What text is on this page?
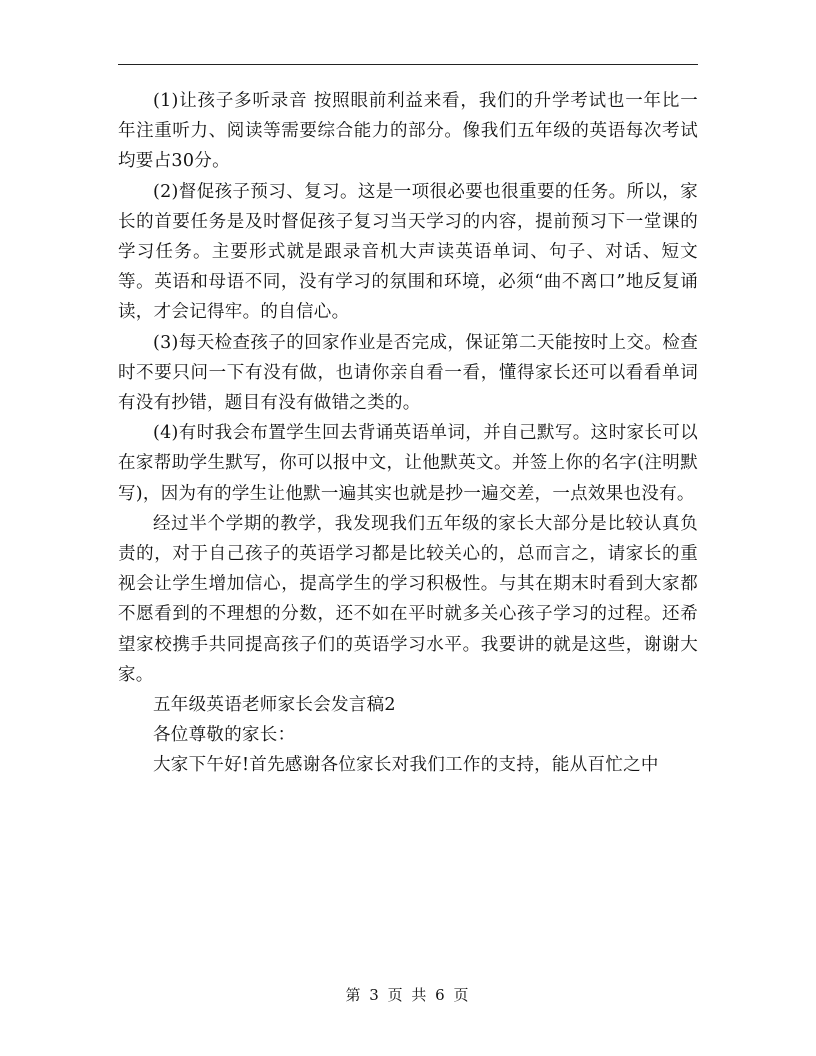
(1)让孩子多听录音 按照眼前利益来看，我们的升学考试也一年比一年注重听力、阅读等需要综合能力的部分。像我们五年级的英语每次考试均要占30分。

(2)督促孩子预习、复习。这是一项很必要也很重要的任务。所以，家长的首要任务是及时督促孩子复习当天学习的内容，提前预习下一堂课的学习任务。主要形式就是跟录音机大声读英语单词、句子、对话、短文等。英语和母语不同，没有学习的氛围和环境，必须“曲不离口”地反复诵读，才会记得牢。的自信心。

(3)每天检查孩子的回家作业是否完成，保证第二天能按时上交。检查时不要只问一下有没有做，也请你亲自看一看，懂得家长还可以看看单词有没有抄错，题目有没有做错之类的。

(4)有时我会布置学生回去背诵英语单词，并自己默写。这时家长可以在家帮助学生默写，你可以报中文，让他默英文。并签上你的名字(注明默写)，因为有的学生让他默一遍其实也就是抄一遍交差，一点效果也没有。

经过半个学期的教学，我发现我们五年级的家长大部分是比较认真负责的，对于自己孩子的英语学习都是比较关心的，总而言之，请家长的重视会让学生增加信心，提高学生的学习积极性。与其在期末时看到大家都不愿看到的不理想的分数，还不如在平时就多关心孩子学习的过程。还希望家校携手共同提高孩子们的英语学习水平。我要讲的就是这些，谢谢大家。

五年级英语老师家长会发言稿2

各位尊敬的家长：

大家下午好!首先感谢各位家长对我们工作的支持，能从百忙之中

第 3 页 共 6 页
